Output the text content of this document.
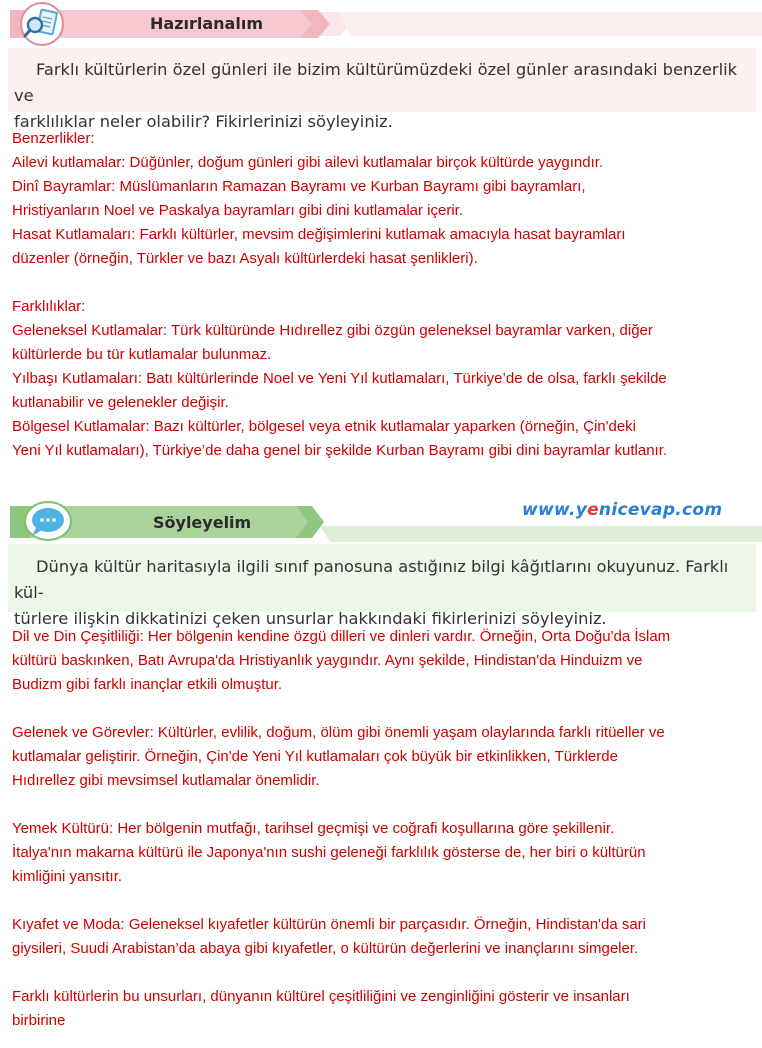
Hazırlanalım
Farklı kültürlerin özel günleri ile bizim kültürümüzdeki özel günler arasındaki benzerlik ve
farklılıklar neler olabilir? Fikirlerinizi söyleyiniz.
Benzerlikler:
Ailevi kutlamalar: Düğünler, doğum günleri gibi ailevi kutlamalar birçok kültürde yaygındır.
Dinî Bayramlar: Müslümanların Ramazan Bayramı ve Kurban Bayramı gibi bayramları,
Hristiyanların Noel ve Paskalya bayramları gibi dini kutlamalar içerir.
Hasat Kutlamaları: Farklı kültürler, mevsim değişimlerini kutlamak amacıyla hasat bayramları
düzenler (örneğin, Türkler ve bazı Asyalı kültürlerdeki hasat şenlikleri).
Farklılıklar:
Geleneksel Kutlamalar: Türk kültüründe Hıdırellez gibi özgün geleneksel bayramlar varken, diğer
kültürlerde bu tür kutlamalar bulunmaz.
Yılbaşı Kutlamaları: Batı kültürlerinde Noel ve Yeni Yıl kutlamaları, Türkiye’de de olsa, farklı şekilde
kutlanabilir ve gelenekler değişir.
Bölgesel Kutlamalar: Bazı kültürler, bölgesel veya etnik kutlamalar yaparken (örneğin, Çin'deki
Yeni Yıl kutlamaları), Türkiye’de daha genel bir şekilde Kurban Bayramı gibi dini bayramlar kutlanır.
Söyleyelim
www.yenicevap.com
Dünya kültür haritasıyla ilgili sınıf panosuna astığınız bilgi kâğıtlarını okuyunuz. Farklı kül-
türlere ilişkin dikkatinizi çeken unsurlar hakkındaki fikirlerinizi söyleyiniz.
Dil ve Din Çeşitliliği: Her bölgenin kendine özgü dilleri ve dinleri vardır. Örneğin, Orta Doğu'da İslam
kültürü baskınken, Batı Avrupa'da Hristiyanlık yaygındır. Aynı şekilde, Hindistan'da Hinduizm ve
Budizm gibi farklı inançlar etkili olmuştur.
Gelenek ve Görevler: Kültürler, evlilik, doğum, ölüm gibi önemli yaşam olaylarında farklı ritüeller ve
kutlamalar geliştirir. Örneğin, Çin'de Yeni Yıl kutlamaları çok büyük bir etkinlikken, Türklerde
Hıdırellez gibi mevsimsel kutlamalar önemlidir.
Yemek Kültürü: Her bölgenin mutfağı, tarihsel geçmişi ve coğrafi koşullarına göre şekillenir.
İtalya'nın makarna kültürü ile Japonya'nın sushi geleneği farklılık gösterse de, her biri o kültürün
kimliğini yansıtır.
Kıyafet ve Moda: Geleneksel kıyafetler kültürün önemli bir parçasıdır. Örneğin, Hindistan'da sari
giysileri, Suudi Arabistan’da abaya gibi kıyafetler, o kültürün değerlerini ve inançlarını simgeler.
Farklı kültürlerin bu unsurları, dünyanın kültürel çeşitliliğini ve zenginliğini gösterir ve insanları
birbirine
